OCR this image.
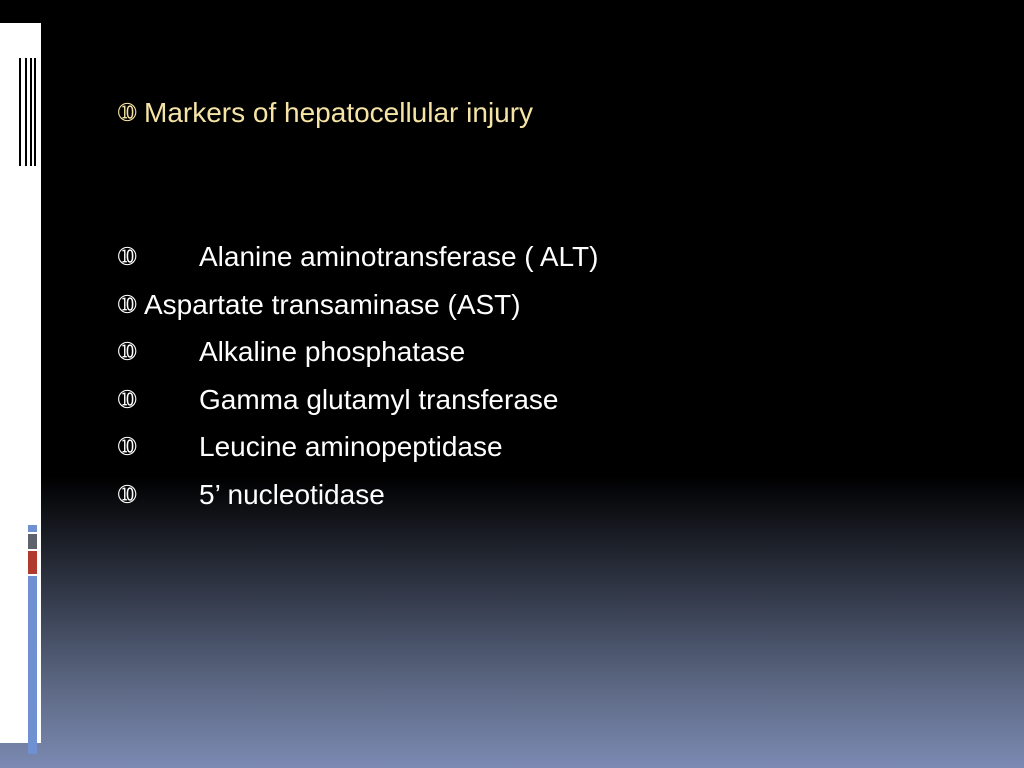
➉ Markers of hepatocellular injury
➉ Alanine aminotransferase ( ALT)
➉ Aspartate transaminase (AST)
➉ Alkaline phosphatase
➉ Gamma glutamyl transferase
➉ Leucine aminopeptidase
➉ 5’ nucleotidase
